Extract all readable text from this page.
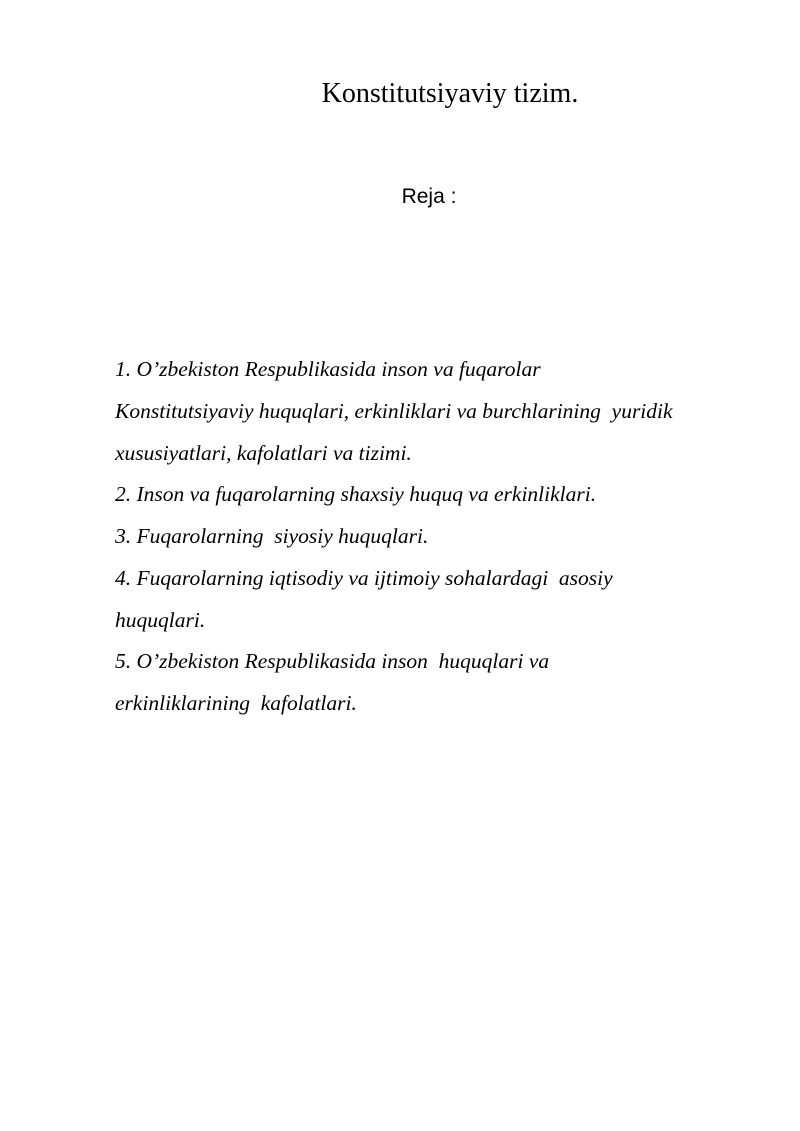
Konstitutsiyaviy tizim.
Reja :
1. O’zbekiston Respublikasida inson va fuqarolar
Konstitutsiyaviy huquqlari, erkinliklari va burchlarining  yuridik
xususiyatlari, kafolatlari va tizimi.
2. Inson va fuqarolarning shaxsiy huquq va erkinliklari.
3. Fuqarolarning  siyosiy huquqlari.
4. Fuqarolarning iqtisodiy va ijtimoiy sohalardagi  asosiy
huquqlari.
5. O’zbekiston Respublikasida inson  huquqlari va
erkinliklarining  kafolatlari.
